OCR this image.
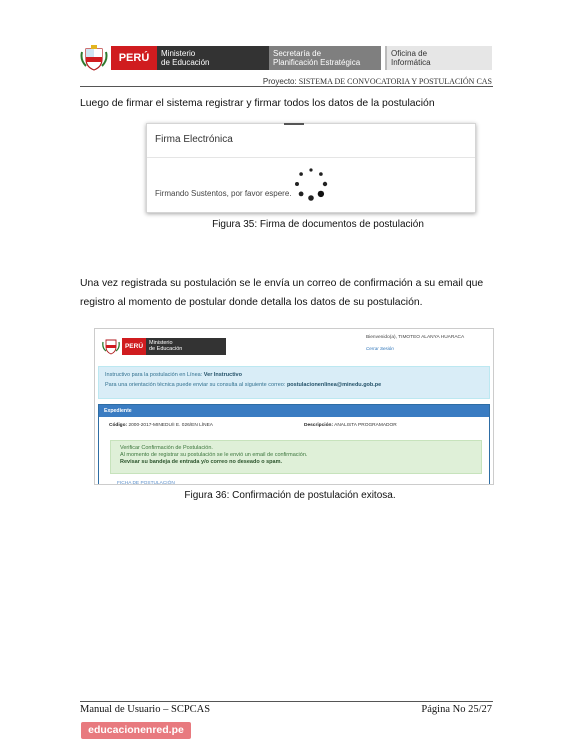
PERÚ	Ministerio
de Educación
Secretaría de
Planificación Estratégica
Oficina de
Informática
Proyecto: SISTEMA DE CONVOCATORIA Y POSTULACIÓN CAS

Luego de firmar el sistema registrar y firmar todos los datos de la postulación

Firma Electrónica
Firmando Sustentos, por favor espere.
Figura 35: Firma de documentos de postulación

Una vez registrada su postulación se le envía un correo de confirmación a su email que registro al momento de postular donde detalla los datos de su postulación.

PERÚ	Ministerio
de Educación
Bienvenido(a), TIMOTEO ALANYA HUARACA
Cerrar Sesión
Instructivo para la postulación en Línea: Ver Instructivo
Para una orientación técnica puede enviar su consulta al siguiente correo: postulacionenlinea@minedu.gob.pe
Expediente
Código: 2000-2017-MINEDU/I E. 026/EN LÍNEA	Descripción: ANALISTA PROGRAMADOR
Verificar Confirmación de Postulación.
Al momento de registrar su postulación se le envió un email de confirmación.
Revisar su bandeja de entrada y/o correo no deseado o spam.
FICHA DE POSTULACIÓN
Figura 36: Confirmación de postulación exitosa.
Manual de Usuario – SCPCAS	Página No 25/27
educacionenred.pe
